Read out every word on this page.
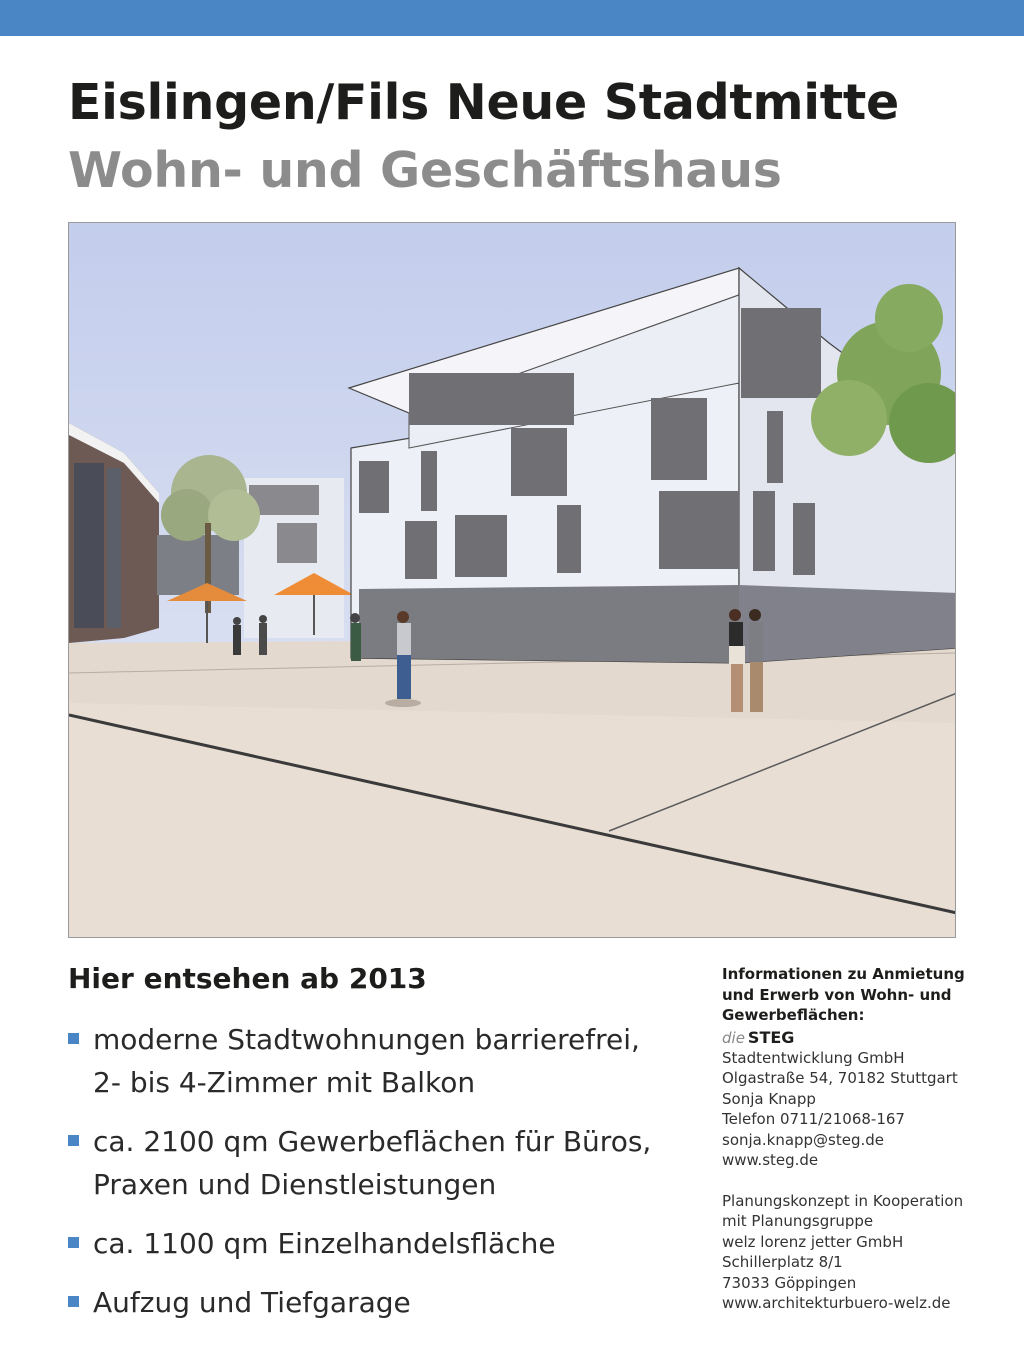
Eislingen/Fils Neue Stadtmitte
Wohn- und Geschäftshaus
Hier entsehen ab 2013
moderne Stadtwohnungen barrierefrei,
2- bis 4-Zimmer mit Balkon
ca. 2100 qm Gewerbeflächen für Büros,
Praxen und Dienstleistungen
ca. 1100 qm Einzelhandelsfläche
Aufzug und Tiefgarage
Informationen zu Anmietung
und Erwerb von Wohn- und
Gewerbeflächen:
die STEG
Stadtentwicklung GmbH
Olgastraße 54, 70182 Stuttgart
Sonja Knapp
Telefon 0711/21068-167
sonja.knapp@steg.de
www.steg.de
Planungskonzept in Kooperation
mit Planungsgruppe
welz lorenz jetter GmbH
Schillerplatz 8/1
73033 Göppingen
www.architekturbuero-welz.de
